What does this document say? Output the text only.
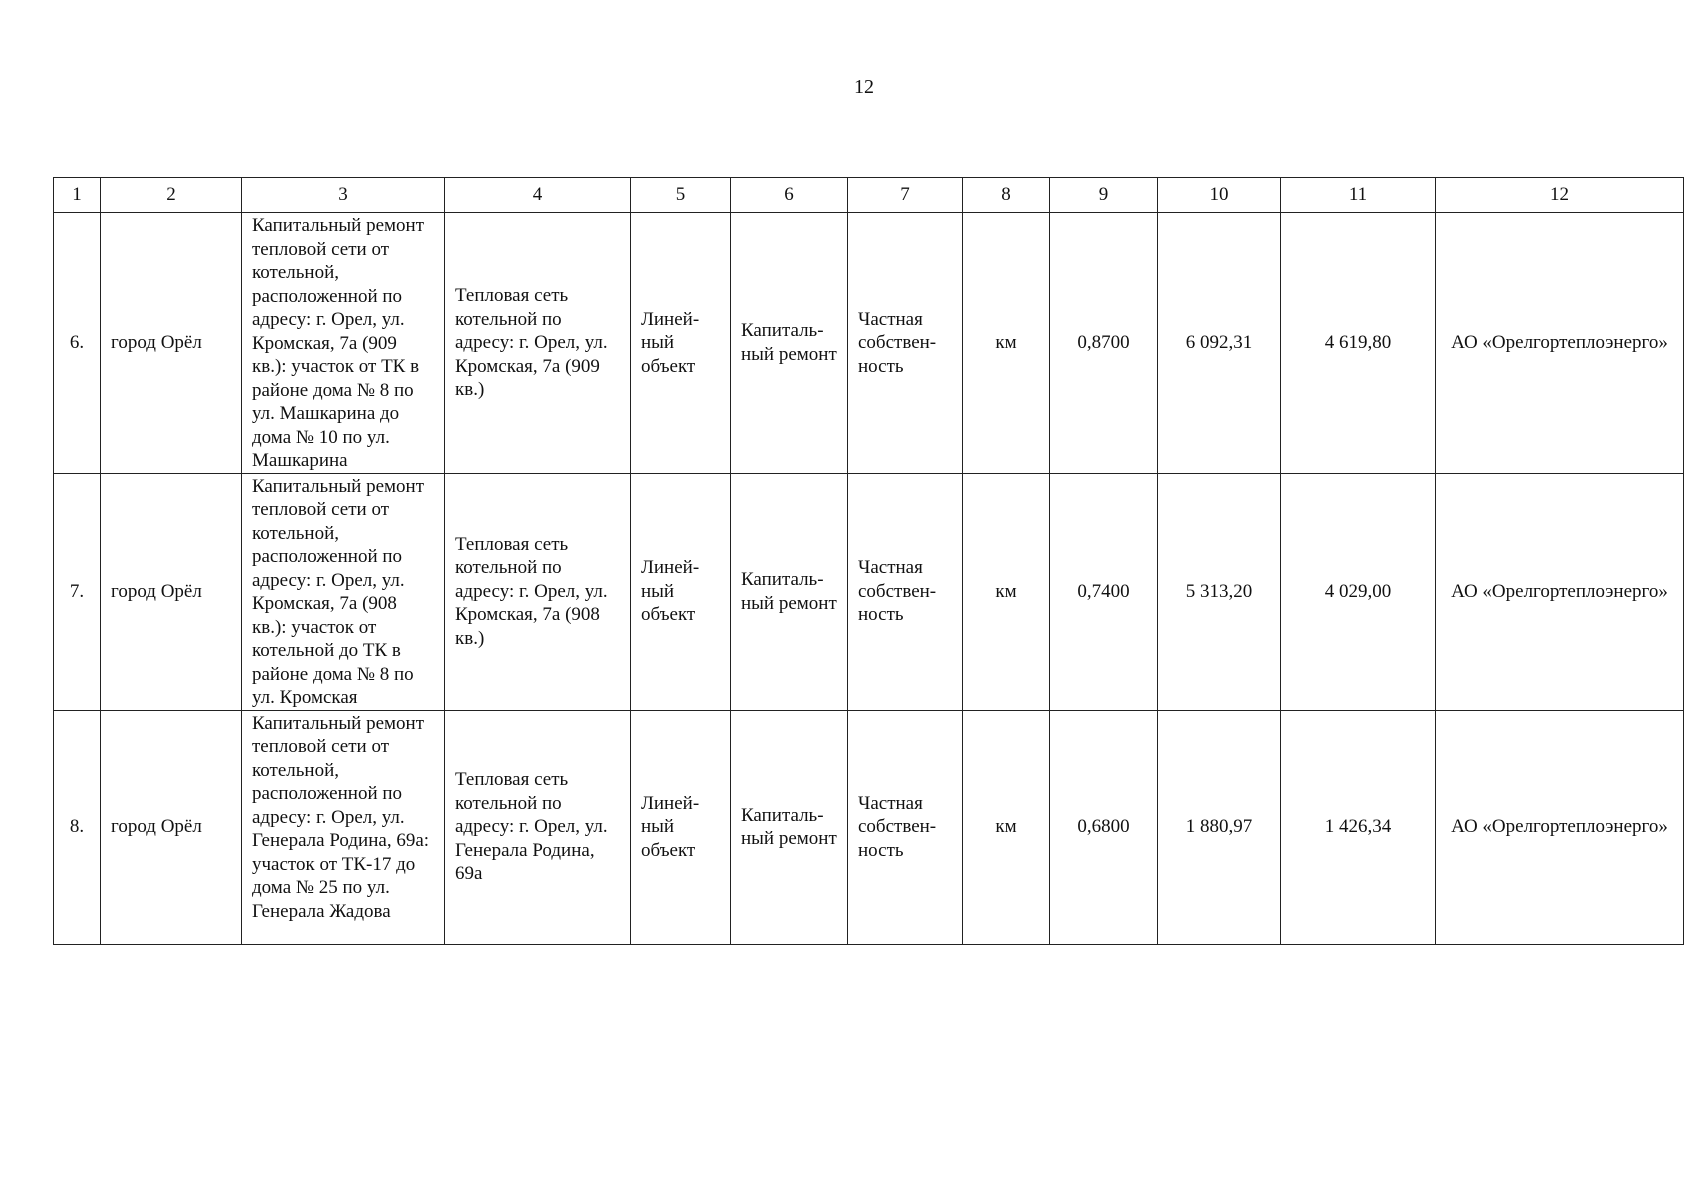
12
1	2	3	4	5	6	7	8	9	10	11	12
6.	город Орёл	Капитальный ремонт тепловой сети от котельной, расположенной по адресу: г. Орел, ул. Кромская, 7а (909 кв.): участок от ТК в районе дома № 8 по ул. Машкарина до дома № 10 по ул. Машкарина	Тепловая сеть котельной по адресу: г. Орел, ул. Кромская, 7а (909 кв.)	Линей-ный объект	Капиталь-ный ремонт	Частная собствен-ность	км	0,8700	6 092,31	4 619,80	АО «Орелгортеплоэнерго»
7.	город Орёл	Капитальный ремонт тепловой сети от котельной, расположенной по адресу: г. Орел, ул. Кромская, 7а (908 кв.): участок от котельной до ТК в районе дома № 8 по ул. Кромская	Тепловая сеть котельной по адресу: г. Орел, ул. Кромская, 7а (908 кв.)	Линей-ный объект	Капиталь-ный ремонт	Частная собствен-ность	км	0,7400	5 313,20	4 029,00	АО «Орелгортеплоэнерго»
8.	город Орёл	Капитальный ремонт тепловой сети от котельной, расположенной по адресу: г. Орел, ул. Генерала Родина, 69а: участок от ТК-17 до дома № 25 по ул. Генерала Жадова	Тепловая сеть котельной по адресу: г. Орел, ул. Генерала Родина, 69а	Линей-ный объект	Капиталь-ный ремонт	Частная собствен-ность	км	0,6800	1 880,97	1 426,34	АО «Орелгортеплоэнерго»
